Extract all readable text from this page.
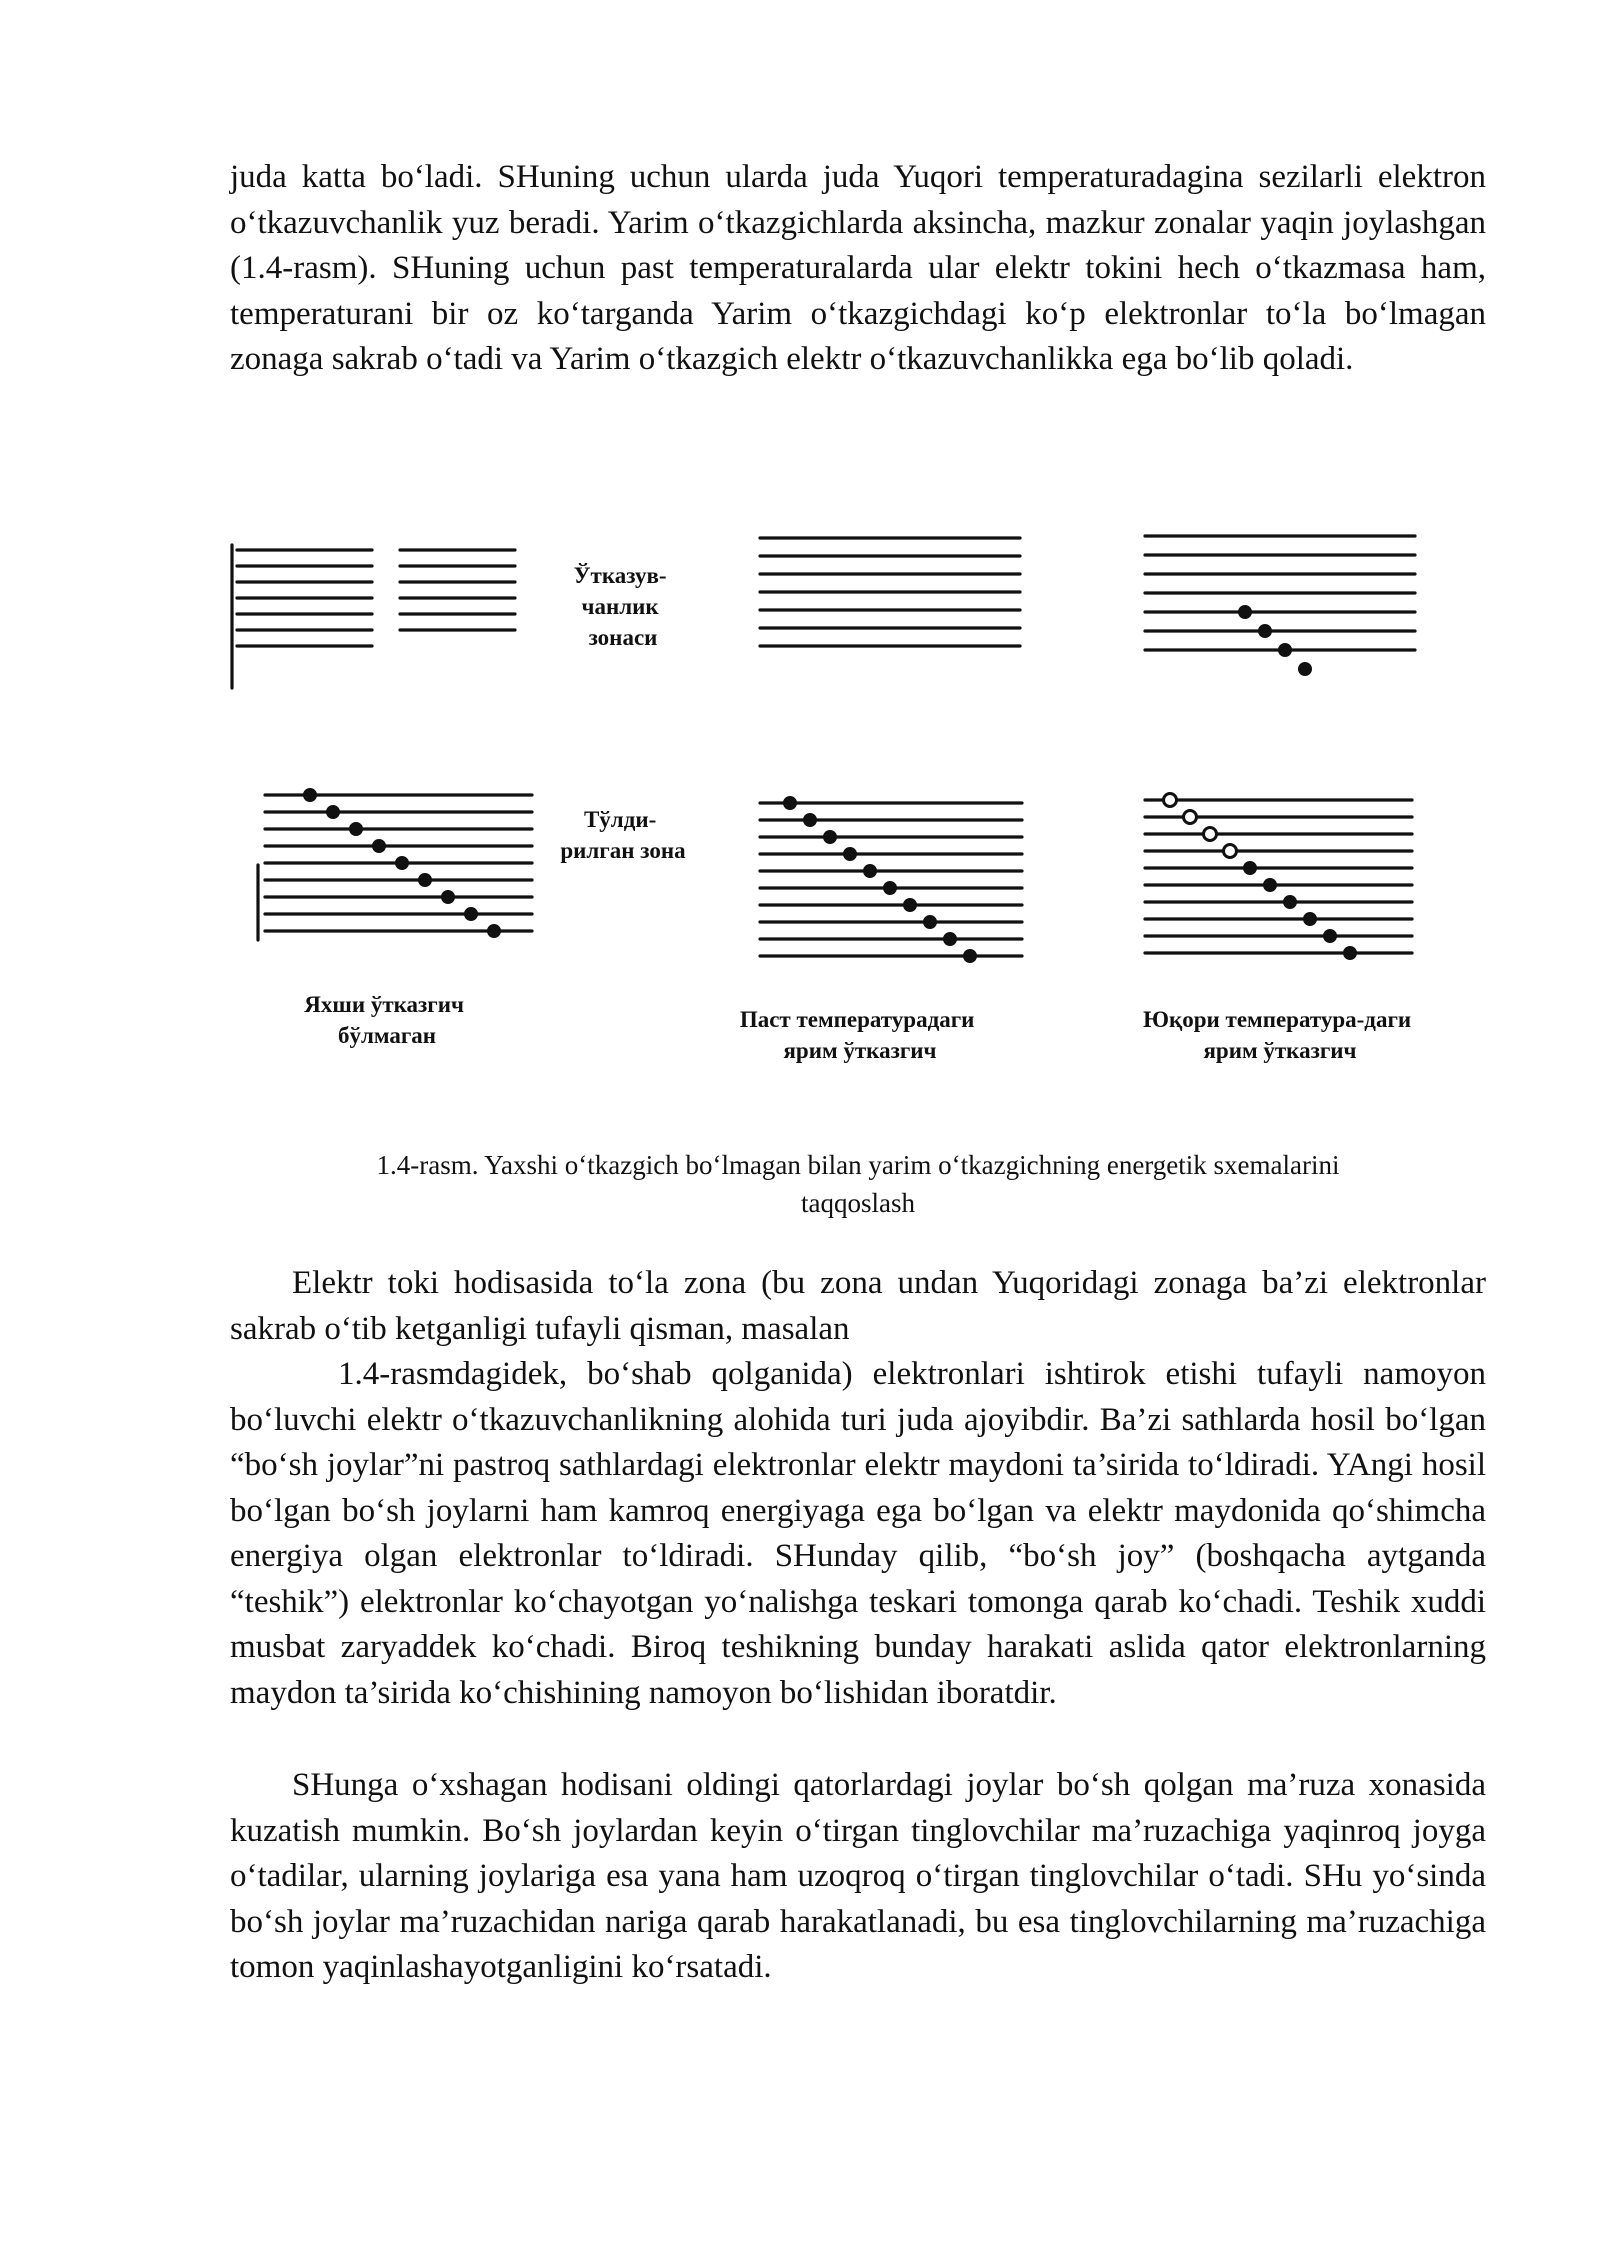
juda katta bo‘ladi. SHuning uchun ularda juda Yuqori temperaturadagina sezilarli elektron o‘tkazuvchanlik yuz beradi. Yarim o‘tkazgichlarda aksincha, mazkur zonalar yaqin joylashgan (1.4-rasm). SHuning uchun past temperaturalarda ular elektr tokini hech o‘tkazmasa ham, temperaturani bir oz ko‘targanda Yarim o‘tkazgichdagi ko‘p elektronlar to‘la bo‘lmagan zonaga sakrab o‘tadi va Yarim o‘tkazgich elektr o‘tkazuvchanlikka ega bo‘lib qoladi.

Ўтказув- чанлик зонаси
Тўлди- рилган зона
Яхши ўтказгич бўлмаган
Паст температурадаги ярим ўтказгич
Юқори температура-даги ярим ўтказгич

1.4-rasm. Yaxshi o‘tkazgich bo‘lmagan bilan yarim o‘tkazgichning energetik sxemalarini
taqqoslash

Elektr toki hodisasida to‘la zona (bu zona undan Yuqoridagi zonaga ba’zi elektronlar sakrab o‘tib ketganligi tufayli qisman, masalan
1.4-rasmdagidek, bo‘shab qolganida) elektronlari ishtirok etishi tufayli namoyon bo‘luvchi elektr o‘tkazuvchanlikning alohida turi juda ajoyibdir. Ba’zi sathlarda hosil bo‘lgan “bo‘sh joylar”ni pastroq sathlardagi elektronlar elektr maydoni ta’sirida to‘ldiradi. YAngi hosil bo‘lgan bo‘sh joylarni ham kamroq energiyaga ega bo‘lgan va elektr maydonida qo‘shimcha energiya olgan elektronlar to‘ldiradi. SHunday qilib, “bo‘sh joy” (boshqacha aytganda “teshik”) elektronlar ko‘chayotgan yo‘nalishga teskari tomonga qarab ko‘chadi. Teshik xuddi musbat zaryaddek ko‘chadi. Biroq teshikning bunday harakati aslida qator elektronlarning maydon ta’sirida ko‘chishining namoyon bo‘lishidan iboratdir.

SHunga o‘xshagan hodisani oldingi qatorlardagi joylar bo‘sh qolgan ma’ruza xonasida kuzatish mumkin. Bo‘sh joylardan keyin o‘tirgan tinglovchilar ma’ruzachiga yaqinroq joyga o‘tadilar, ularning joylariga esa yana ham uzoqroq o‘tirgan tinglovchilar o‘tadi. SHu yo‘sinda bo‘sh joylar ma’ruzachidan nariga qarab harakatlanadi, bu esa tinglovchilarning ma’ruzachiga tomon yaqinlashayotganligini ko‘rsatadi.
